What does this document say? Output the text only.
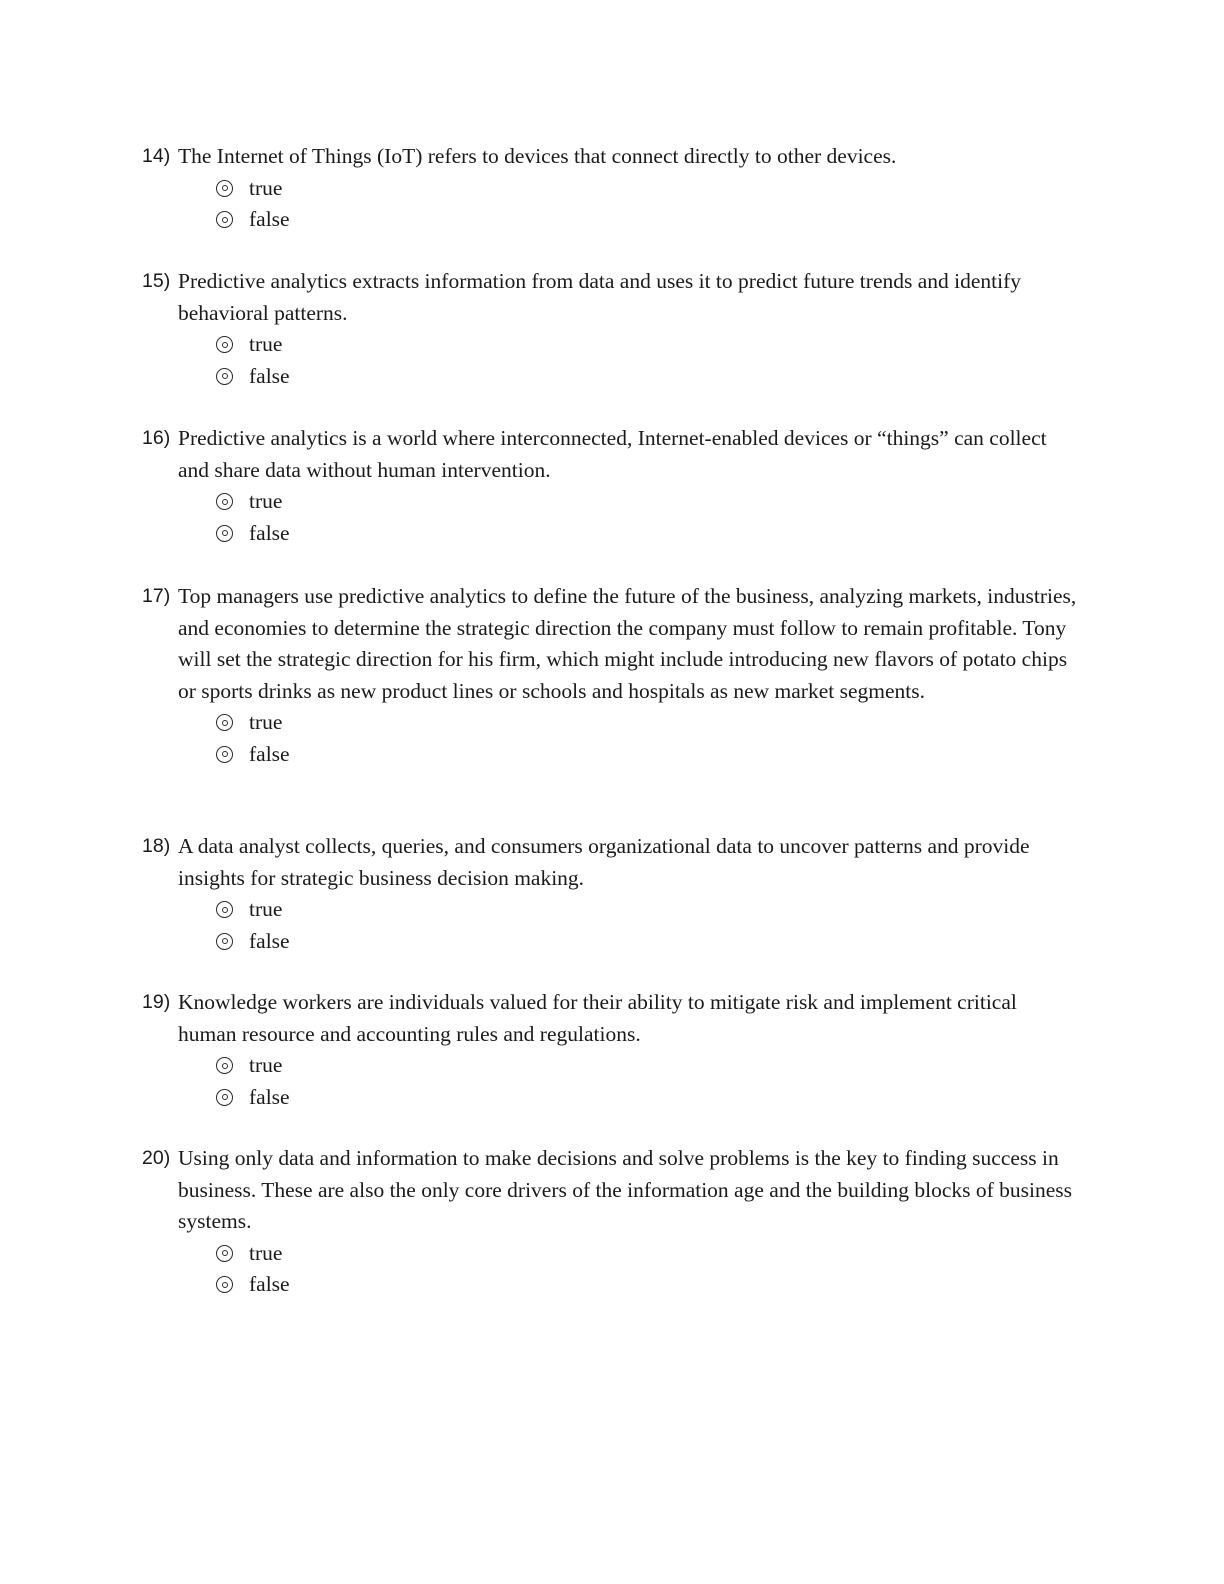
14) The Internet of Things (IoT) refers to devices that connect directly to other devices.
true
false
15) Predictive analytics extracts information from data and uses it to predict future trends and identify behavioral patterns.
true
false
16) Predictive analytics is a world where interconnected, Internet-enabled devices or “things” can collect and share data without human intervention.
true
false
17) Top managers use predictive analytics to define the future of the business, analyzing markets, industries, and economies to determine the strategic direction the company must follow to remain profitable. Tony will set the strategic direction for his firm, which might include introducing new flavors of potato chips or sports drinks as new product lines or schools and hospitals as new market segments.
true
false
18) A data analyst collects, queries, and consumers organizational data to uncover patterns and provide insights for strategic business decision making.
true
false
19) Knowledge workers are individuals valued for their ability to mitigate risk and implement critical human resource and accounting rules and regulations.
true
false
20) Using only data and information to make decisions and solve problems is the key to finding success in business. These are also the only core drivers of the information age and the building blocks of business systems.
true
false
